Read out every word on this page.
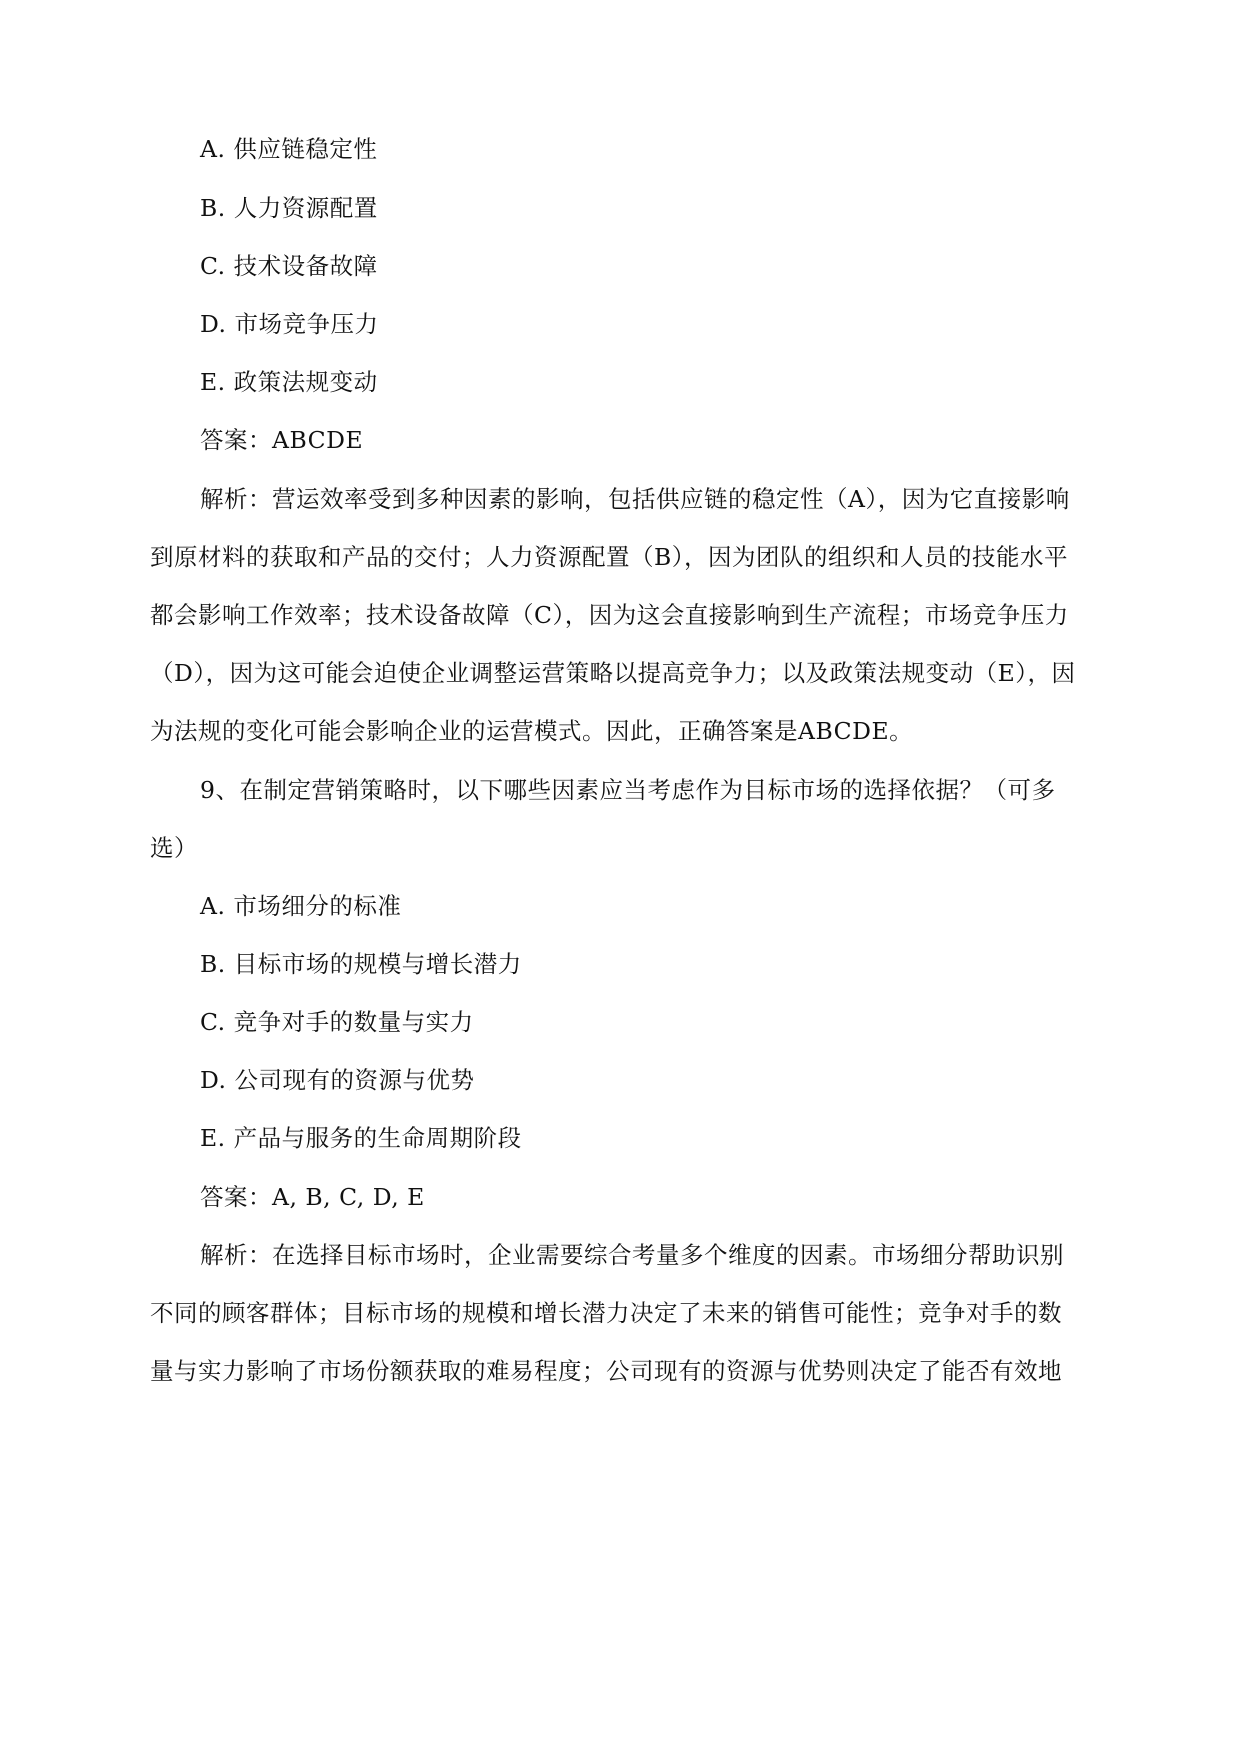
A. 供应链稳定性
B. 人力资源配置
C. 技术设备故障
D. 市场竞争压力
E. 政策法规变动
答案：ABCDE
解析：营运效率受到多种因素的影响，包括供应链的稳定性（A），因为它直接影响
到原材料的获取和产品的交付；人力资源配置（B），因为团队的组织和人员的技能水平
都会影响工作效率；技术设备故障（C），因为这会直接影响到生产流程；市场竞争压力
（D），因为这可能会迫使企业调整运营策略以提高竞争力；以及政策法规变动（E），因
为法规的变化可能会影响企业的运营模式。因此，正确答案是ABCDE。
9、在制定营销策略时，以下哪些因素应当考虑作为目标市场的选择依据？（可多
选）
A. 市场细分的标准
B. 目标市场的规模与增长潜力
C. 竞争对手的数量与实力
D. 公司现有的资源与优势
E. 产品与服务的生命周期阶段
答案：A, B, C, D, E
解析：在选择目标市场时，企业需要综合考量多个维度的因素。市场细分帮助识别
不同的顾客群体；目标市场的规模和增长潜力决定了未来的销售可能性；竞争对手的数
量与实力影响了市场份额获取的难易程度；公司现有的资源与优势则决定了能否有效地
